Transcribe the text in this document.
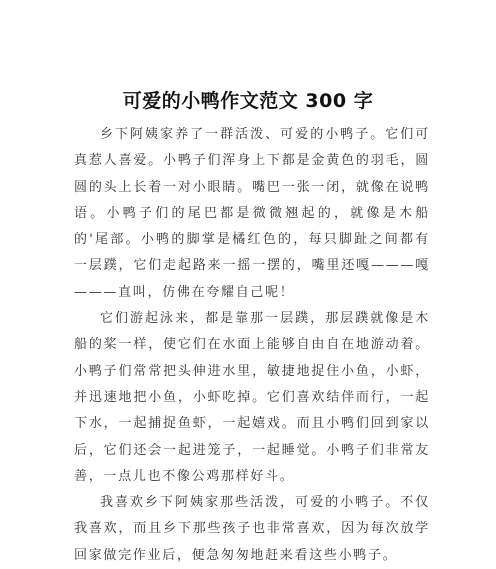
可爱的小鸭作文范文 300 字

乡下阿姨家养了一群活泼、可爱的小鸭子。它们可真惹人喜爱。小鸭子们浑身上下都是金黄色的羽毛，圆圆的头上长着一对小眼睛。嘴巴一张一闭，就像在说鸭语。小鸭子们的尾巴都是微微翘起的，就像是木船的'尾部。小鸭的脚掌是橘红色的，每只脚趾之间都有一层蹼，它们走起路来一摇一摆的，嘴里还嘎———嘎———直叫，仿佛在夸耀自己呢！

它们游起泳来，都是靠那一层蹼，那层蹼就像是木船的桨一样，使它们在水面上能够自由自在地游动着。小鸭子们常常把头伸进水里，敏捷地捉住小鱼，小虾，并迅速地把小鱼，小虾吃掉。它们喜欢结伴而行，一起下水，一起捕捉鱼虾，一起嬉戏。而且小鸭们回到家以后，它们还会一起进笼子，一起睡觉。小鸭子们非常友善，一点儿也不像公鸡那样好斗。

我喜欢乡下阿姨家那些活泼，可爱的小鸭子。不仅我喜欢，而且乡下那些孩子也非常喜欢，因为每次放学回家做完作业后，便急匆匆地赶来看这些小鸭子。
